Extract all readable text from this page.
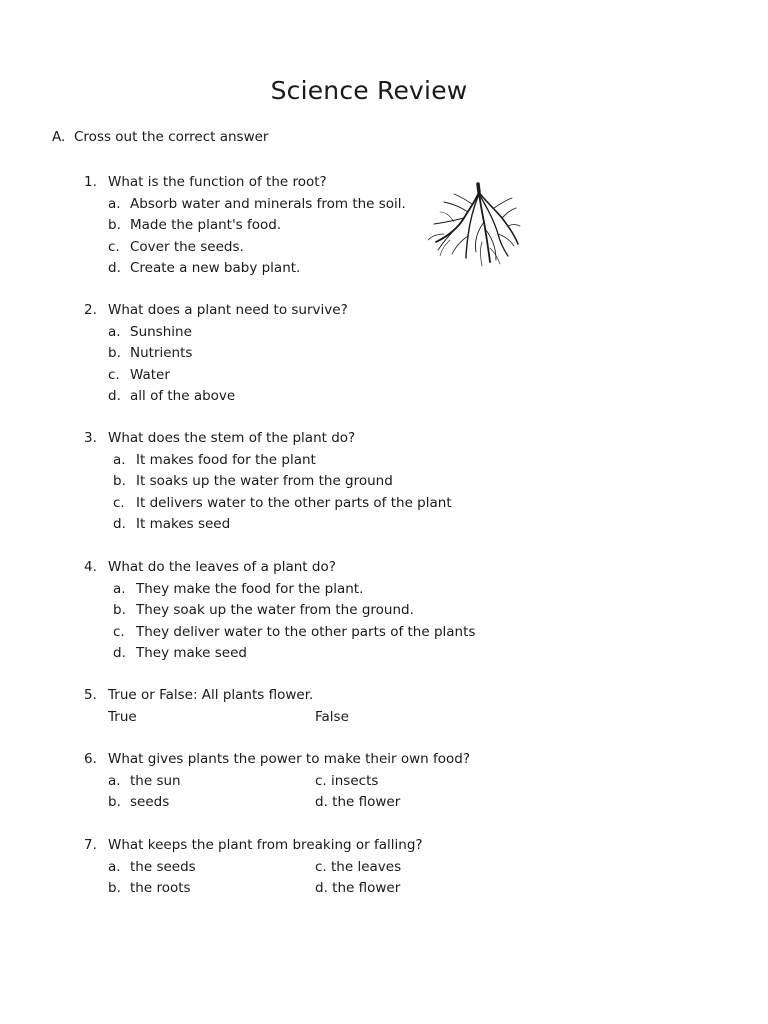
Science Review
A. Cross out the correct answer
1. What is the function of the root?
a. Absorb water and minerals from the soil.
b. Made the plant's food.
c. Cover the seeds.
d. Create a new baby plant.
2. What does a plant need to survive?
a. Sunshine
b. Nutrients
c. Water
d. all of the above
3. What does the stem of the plant do?
a. It makes food for the plant
b. It soaks up the water from the ground
c. It delivers water to the other parts of the plant
d. It makes seed
4. What do the leaves of a plant do?
a. They make the food for the plant.
b. They soak up the water from the ground.
c. They deliver water to the other parts of the plants
d. They make seed
5. True or False: All plants flower.
True	False
6. What gives plants the power to make their own food?
a. the sun	c. insects
b. seeds	d. the flower
7. What keeps the plant from breaking or falling?
a. the seeds	c. the leaves
b. the roots	d. the flower
